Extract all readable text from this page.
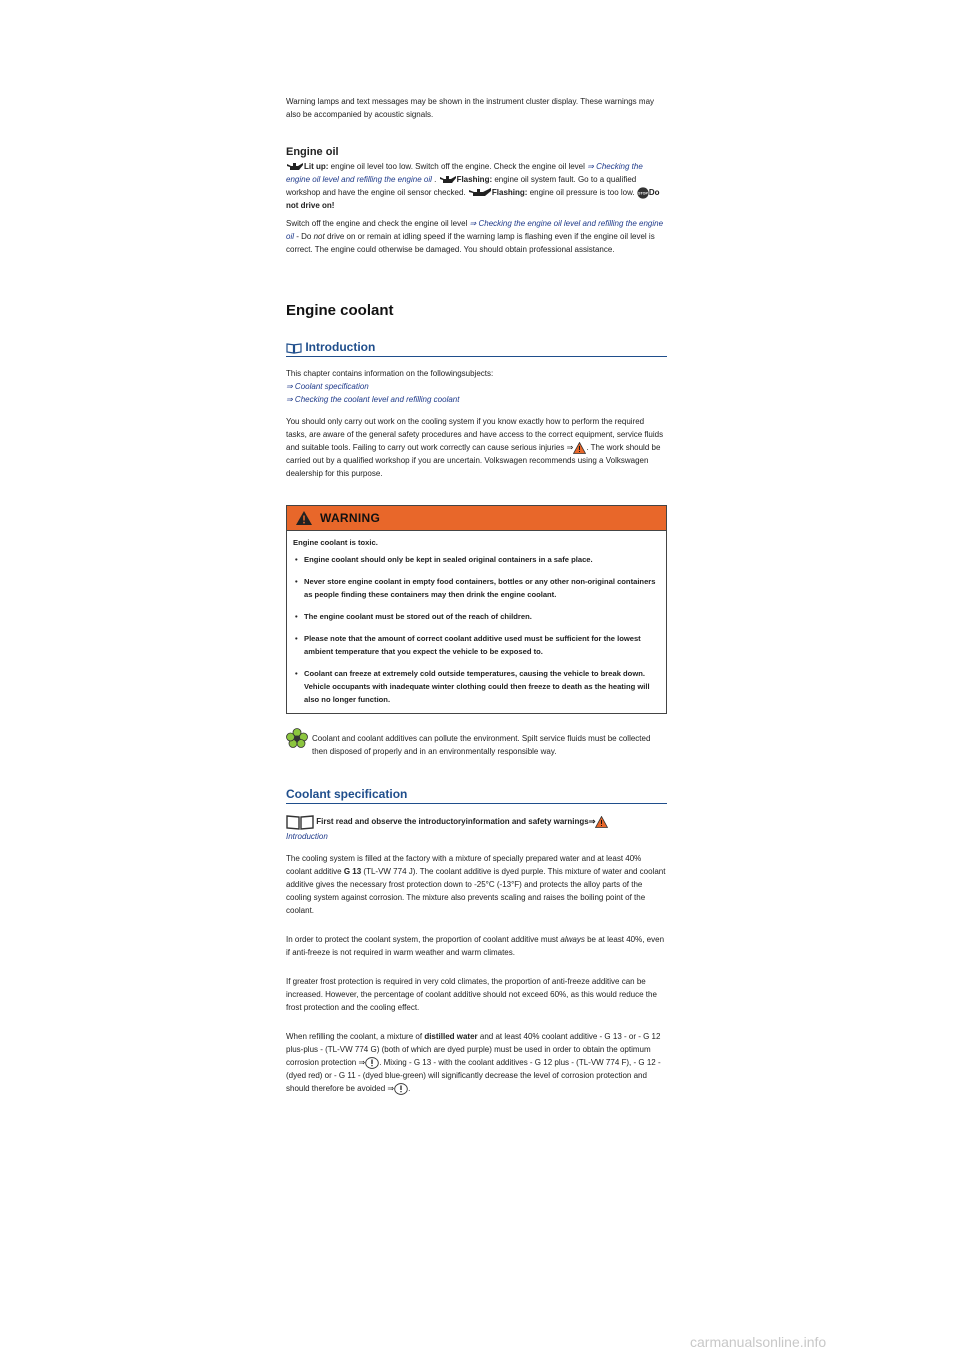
Warning lamps and text messages may be shown in the instrument cluster display. These warnings may also be accompanied by acoustic signals.

Engine oil

Lit up: engine oil level too low. Switch off the engine. Check the engine oil level ⇒ Checking the engine oil level and refilling the engine oil . Flashing: engine oil system fault. Go to a qualified workshop and have the engine oil sensor checked.	Flashing: engine oil pressure is too low. STOP Do not drive on!

Switch off the engine and check the engine oil level ⇒ Checking the engine oil level and refilling the engine oil - Do not drive on or remain at idling speed if the warning lamp is flashing even if the engine oil level is correct. The engine could otherwise be damaged. You should obtain professional assistance.

Engine coolant
Introduction

This chapter contains information on the followingsubjects:

⇒ Coolant specification

⇒ Checking the coolant level and refilling coolant

You should only carry out work on the cooling system if you know exactly how to perform the required tasks, are aware of the general safety procedures and have access to the correct equipment, service fluids and suitable tools. Failing to carry out work correctly can cause serious injuries ⇒ . The work should be carried out by a qualified workshop if you are uncertain. Volkswagen recommends using a Volkswagen dealership for this purpose.

WARNING
Engine coolant is toxic.
• Engine coolant should only be kept in sealed original containers in a safe place.
• Never store engine coolant in empty food containers, bottles or any other non-original containers as people finding these containers may then drink the engine coolant.
• The engine coolant must be stored out of the reach of children.
• Please note that the amount of correct coolant additive used must be sufficient for the lowest ambient temperature that you expect the vehicle to be exposed to.
• Coolant can freeze at extremely cold outside temperatures, causing the vehicle to break down. Vehicle occupants with inadequate winter clothing could then freeze to death as the heating will also no longer function.

Coolant and coolant additives can pollute the environment. Spilt service fluids must be collected then disposed of properly and in an environmentally responsible way.

Coolant specification

First read and observe the introductoryinformation and safety warnings⇒

Introduction

The cooling system is filled at the factory with a mixture of specially prepared water and at least 40% coolant additive G 13 (TL-VW 774 J). The coolant additive is dyed purple. This mixture of water and coolant additive gives the necessary frost protection down to -25°C (-13°F) and protects the alloy parts of the cooling system against corrosion. The mixture also prevents scaling and raises the boiling point of the coolant.

In order to protect the coolant system, the proportion of coolant additive must always be at least 40%, even if anti-freeze is not required in warm weather and warm climates.

If greater frost protection is required in very cold climates, the proportion of anti-freeze additive can be increased. However, the percentage of coolant additive should not exceed 60%, as this would reduce the frost protection and the cooling effect.

When refilling the coolant, a mixture of distilled water and at least 40% coolant additive - G 13 - or - G 12 plus-plus - (TL-VW 774 G) (both of which are dyed purple) must be used in order to obtain the optimum corrosion protection ⇒ . Mixing - G 13 - with the coolant additives - G 12 plus - (TL-VW 774 F), - G 12 - (dyed red) or - G 11 - (dyed blue-green) will significantly decrease the level of corrosion protection and should therefore be avoided ⇒ .

carmanualsonline.info
